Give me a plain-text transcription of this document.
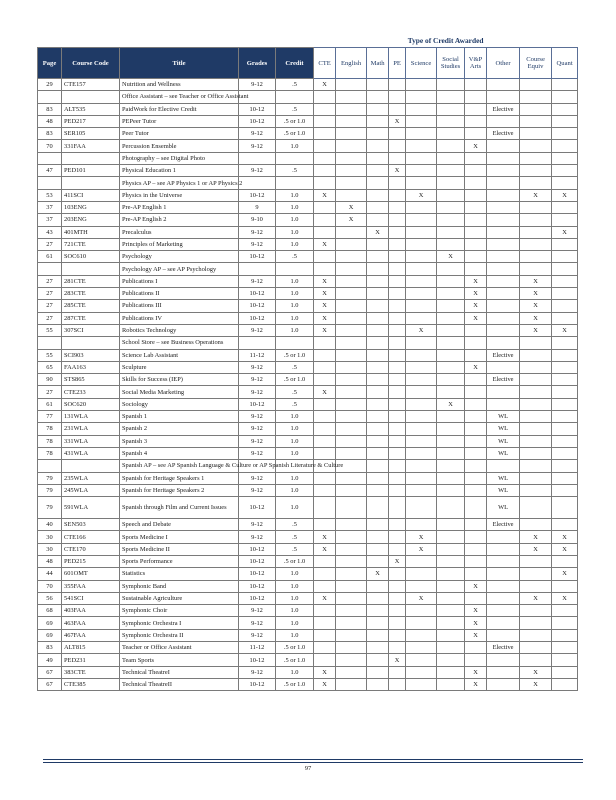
					Type of Credit Awarded									
Page	Course Code	Title	Grades	Credit	CTE	English	Math	PE	Science	Social Studies	V&P Arts	Other	Course Equiv	Quant
29	CTE157	Nutrition and Wellness	9-12	.5	X									
		Office Assistant – see Teacher or Office Assistant												
83	ALT535	PaidWork for Elective Credit	10-12	.5								Elective		
48	PED217	PEPeer Tutor	10-12	.5 or 1.0				X						
83	SER105	Peer Tutor	9-12	.5 or 1.0								Elective		
70	331FAA	Percussion Ensemble	9-12	1.0							X			
		Photography – see Digital Photo												
47	PED101	Physical Education 1	9-12	.5				X						
		Physics AP – see AP Physics 1 or AP Physics 2												
53	411SCI	Physics in the Universe	10-12	1.0	X				X				X	X
37	103ENG	Pre-AP English 1	9	1.0		X								
37	203ENG	Pre-AP English 2	9-10	1.0		X								
43	401MTH	Precalculus	9-12	1.0			X							X
27	721CTE	Principles of Marketing	9-12	1.0	X									
61	SOC610	Psychology	10-12	.5						X				
		Psychology AP – see AP Psychology												
27	281CTE	Publications I	9-12	1.0	X						X		X	
27	283CTE	Publications II	10-12	1.0	X						X		X	
27	285CTE	Publications III	10-12	1.0	X						X		X	
27	287CTE	Publications IV	10-12	1.0	X						X		X	
55	307SCI	Robotics Technology	9-12	1.0	X				X				X	X
		School Store – see Business Operations												
55	SCI903	Science Lab Assistant	11-12	.5 or 1.0								Elective		
65	FAA163	Sculpture	9-12	.5							X			
90	STS865	Skills for Success (IEP)	9-12	.5 or 1.0								Elective		
27	CTE233	Social Media Marketing	9-12	.5	X									
61	SOC620	Sociology	10-12	.5						X				
77	131WLA	Spanish 1	9-12	1.0								WL		
78	231WLA	Spanish 2	9-12	1.0								WL		
78	331WLA	Spanish 3	9-12	1.0								WL		
78	431WLA	Spanish 4	9-12	1.0								WL		
		Spanish AP – see AP Spanish Language & Culture or AP Spanish Literature & Culture												
79	235WLA	Spanish for Heritage Speakers 1	9-12	1.0								WL		
79	245WLA	Spanish for Heritage Speakers 2	9-12	1.0								WL		
79	591WLA	Spanish through Film and Current Issues	10-12	1.0								WL		
40	SEN503	Speech and Debate	9-12	.5								Elective		
30	CTE166	Sports Medicine I	9-12	.5	X				X				X	X
30	CTE170	Sports Medicine II	10-12	.5	X				X				X	X
48	PED215	Sports Performance	10-12	.5 or 1.0				X						
44	601OMT	Statistics	10-12	1.0			X							X
70	355FAA	Symphonic Band	10-12	1.0							X			
56	541SCI	Sustainable Agriculture	10-12	1.0	X				X				X	X
68	403FAA	Symphonic Choir	9-12	1.0							X			
69	463FAA	Symphonic Orchestra I	9-12	1.0							X			
69	467FAA	Symphonic Orchestra II	9-12	1.0							X			
83	ALT815	Teacher or Office Assistant	11-12	.5 or 1.0								Elective		
49	PED231	Team Sports	10-12	.5 or 1.0				X						
67	383CTE	Technical TheatreI	9-12	1.0	X						X		X	
67	CTE385	Technical TheatreII	10-12	.5 or 1.0	X						X		X	
97
